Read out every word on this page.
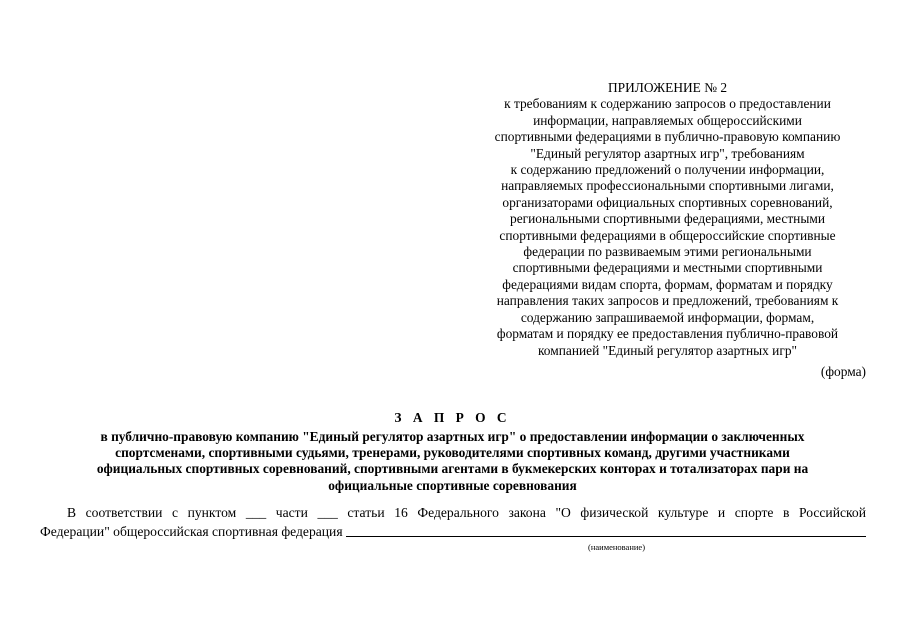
ПРИЛОЖЕНИЕ № 2
к требованиям к содержанию запросов о предоставлении
информации, направляемых общероссийскими
спортивными федерациями в публично-правовую компанию
"Единый регулятор азартных игр", требованиям
к содержанию предложений о получении информации,
направляемых профессиональными спортивными лигами,
организаторами официальных спортивных соревнований,
региональными спортивными федерациями, местными
спортивными федерациями в общероссийские спортивные
федерации по развиваемым этими региональными
спортивными федерациями и местными спортивными
федерациями видам спорта, формам, форматам и порядку
направления таких запросов и предложений, требованиям к
содержанию запрашиваемой информации, формам,
форматам и порядку ее предоставления публично-правовой
компанией "Единый регулятор азартных игр"
(форма)
З А П Р О С
в публично-правовую компанию "Единый регулятор азартных игр" о предоставлении информации о заключенных
спортсменами, спортивными судьями, тренерами, руководителями спортивных команд, другими участниками
официальных спортивных соревнований, спортивными агентами в букмекерских конторах и тотализаторах пари на
официальные спортивные соревнования
В соответствии с пунктом ___ части ___ статьи 16 Федерального закона "О физической культуре и спорте в Российской
Федерации" общероссийская спортивная федерация
(наименование)
